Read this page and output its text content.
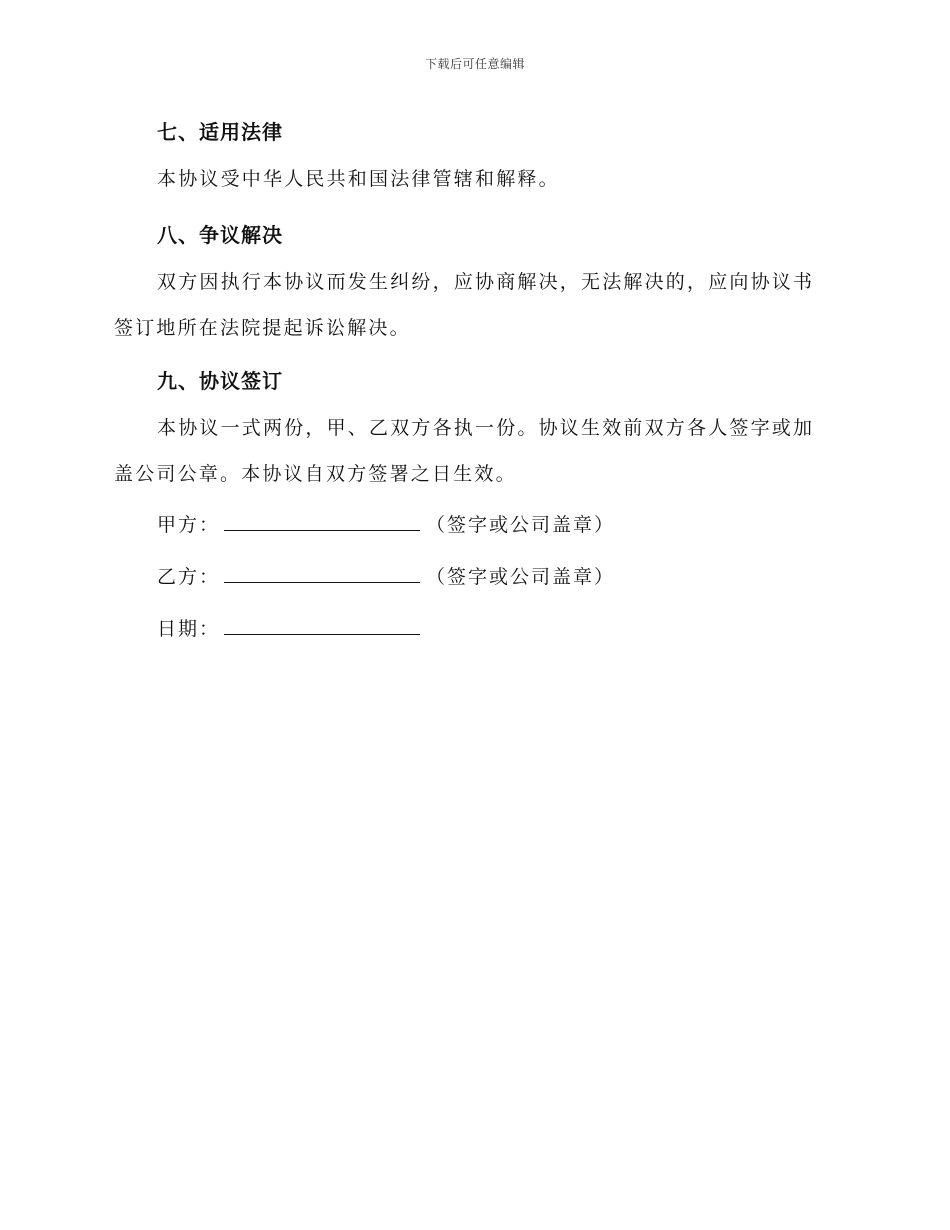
下载后可任意编辑
七、适用法律
本协议受中华人民共和国法律管辖和解释。
八、争议解决
双方因执行本协议而发生纠纷，应协商解决，无法解决的，应向协议书签订地所在法院提起诉讼解决。
九、协议签订
本协议一式两份，甲、乙双方各执一份。协议生效前双方各人签字或加盖公司公章。本协议自双方签署之日生效。
甲方：	（签字或公司盖章）
乙方：	（签字或公司盖章）
日期：
